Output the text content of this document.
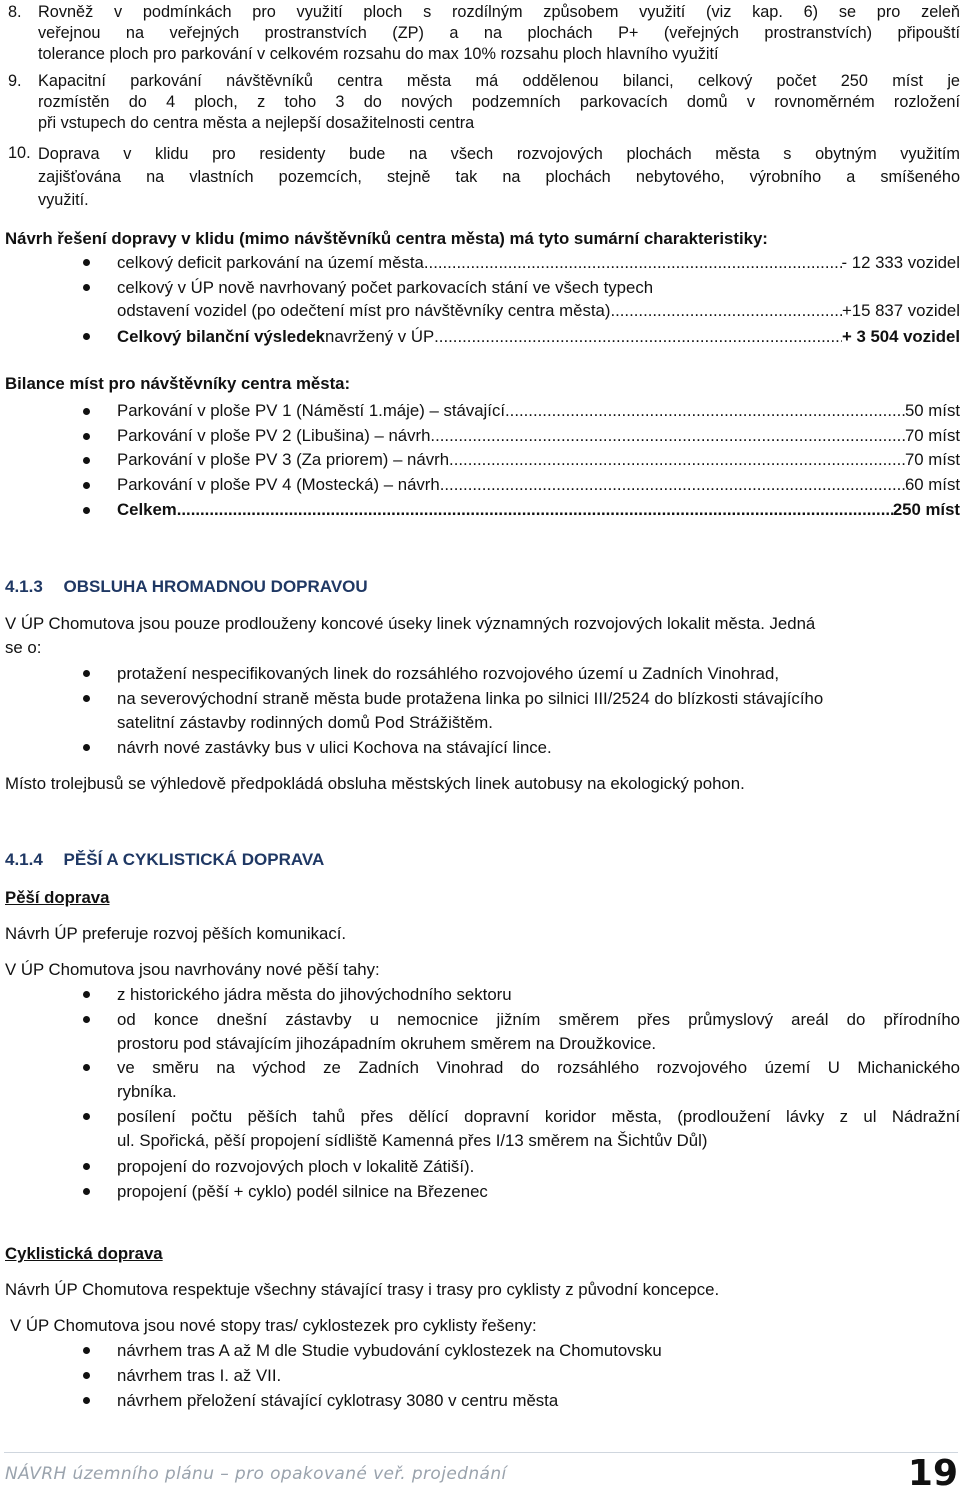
8. Rovněž v podmínkách pro využití ploch s rozdílným způsobem využití (viz kap. 6) se pro zeleň
veřejnou na veřejných prostranstvích (ZP) a na plochách P+ (veřejných prostranstvích) připouští
tolerance ploch pro parkování v celkovém rozsahu do max 10% rozsahu ploch hlavního využití
9. Kapacitní parkování návštěvníků centra města má oddělenou bilanci, celkový počet 250 míst je
rozmístěn do 4 ploch, z toho 3 do nových podzemních parkovacích domů v rovnoměrném rozložení
při vstupech do centra města a nejlepší dosažitelnosti centra
10. Doprava v klidu pro residenty bude na všech rozvojových plochách města s obytným využitím
zajišťována na vlastních pozemcích, stejně tak na plochách nebytového, výrobního a smíšeného
využití.
Návrh řešení dopravy v klidu (mimo návštěvníků centra města) má tyto sumární charakteristiky:
celkový deficit parkování na území města .....	- 12 333 vozidel
celkový v ÚP nově navrhovaný počet parkovacích stání ve všech typech
odstavení vozidel (po odečtení míst pro návštěvníky centra města) .....	+15 837 vozidel
Celkový bilanční výsledek navržený v ÚP .....	+ 3 504 vozidel
Bilance míst pro návštěvníky centra města:
Parkování v ploše PV 1 (Náměstí 1.máje) – stávající .....	50 míst
Parkování v ploše PV 2 (Libušina) – návrh .....	70 míst
Parkování v ploše PV 3 (Za priorem) – návrh .....	70 míst
Parkování v ploše PV 4 (Mostecká) – návrh .....	60 míst
Celkem .....	250 míst
4.1.3 OBSLUHA HROMADNOU DOPRAVOU
V ÚP Chomutova jsou pouze prodlouženy koncové úseky linek významných rozvojových lokalit města. Jedná
se o:
protažení nespecifikovaných linek do rozsáhlého rozvojového území u Zadních Vinohrad,
na severovýchodní straně města bude protažena linka po silnici III/2524 do blízkosti stávajícího
satelitní zástavby rodinných domů Pod Strážištěm.
návrh nové zastávky bus v ulici Kochova na stávající lince.
Místo trolejbusů se výhledově předpokládá obsluha městských linek autobusy na ekologický pohon.
4.1.4 PĚŠÍ A CYKLISTICKÁ DOPRAVA
Pěší doprava
Návrh ÚP preferuje rozvoj pěších komunikací.
V ÚP Chomutova jsou navrhovány nové pěší tahy:
z historického jádra města do jihovýchodního sektoru
od konce dnešní zástavby u nemocnice jižním směrem přes průmyslový areál do přírodního
prostoru pod stávajícím jihozápadním okruhem směrem na Droužkovice.
ve směru na východ ze Zadních Vinohrad do rozsáhlého rozvojového území U Michanického
rybníka.
posílení počtu pěších tahů přes dělící dopravní koridor města, (prodloužení lávky z ul Nádražní
ul. Spořická, pěší propojení sídliště Kamenná přes I/13 směrem na Šichtův Důl)
propojení do rozvojových ploch v lokalitě Zátiší).
propojení (pěší + cyklo) podél silnice na Březenec
Cyklistická doprava
Návrh ÚP Chomutova respektuje všechny stávající trasy i trasy pro cyklisty z původní koncepce.
V ÚP Chomutova jsou nové stopy tras/ cyklostezek pro cyklisty řešeny:
návrhem tras A až M dle Studie vybudování cyklostezek na Chomutovsku
návrhem tras I. až VII.
návrhem přeložení stávající cyklotrasy 3080 v centru města
NÁVRH územního plánu – pro opakované veř. projednání	19
